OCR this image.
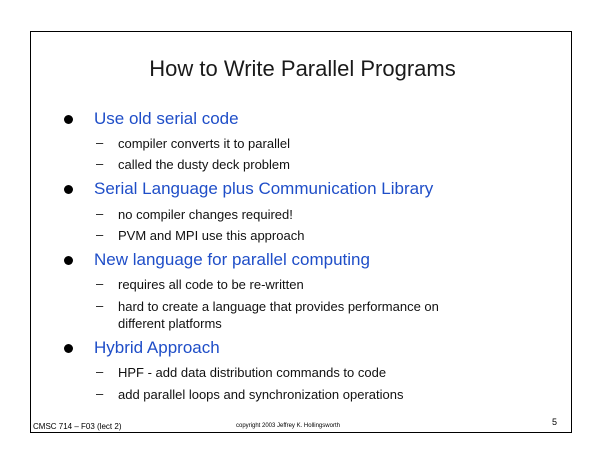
How to Write Parallel Programs
Use old serial code
– compiler converts it to parallel
– called the dusty deck problem
Serial Language plus Communication Library
– no compiler changes required!
– PVM and MPI use this approach
New language for parallel computing
– requires all code to be re-written
– hard to create a language that provides performance on
different platforms
Hybrid Approach
– HPF - add data distribution commands to code
– add parallel loops and synchronization operations
CMSC 714 – F03 (lect 2)	copyright 2003 Jeffrey K. Hollingsworth	5
